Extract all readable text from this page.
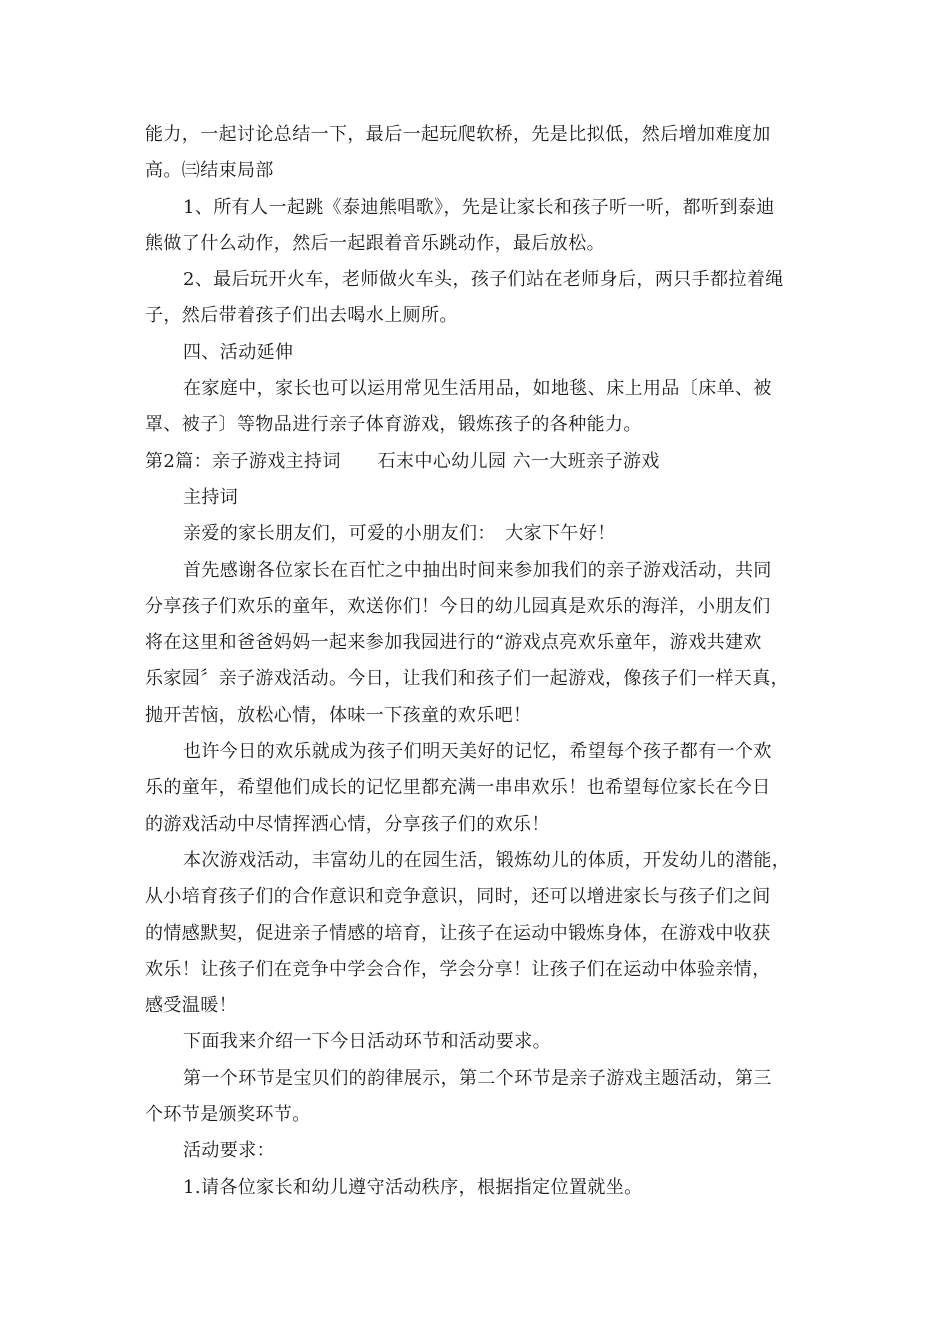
能力，一起讨论总结一下，最后一起玩爬软桥，先是比拟低，然后增加难度加
高。㈢结束局部
1、所有人一起跳《泰迪熊唱歌》，先是让家长和孩子听一听，都听到泰迪
熊做了什么动作，然后一起跟着音乐跳动作，最后放松。
2、最后玩开火车，老师做火车头，孩子们站在老师身后，两只手都拉着绳
子，然后带着孩子们出去喝水上厕所。
四、活动延伸
在家庭中，家长也可以运用常见生活用品，如地毯、床上用品〔床单、被
罩、被子〕等物品进行亲子体育游戏，锻炼孩子的各种能力。
第2篇：亲子游戏主持词　　石末中心幼儿园 六一大班亲子游戏
主持词
亲爱的家长朋友们，可爱的小朋友们：　大家下午好！
首先感谢各位家长在百忙之中抽出时间来参加我们的亲子游戏活动，共同
分享孩子们欢乐的童年，欢送你们！今日的幼儿园真是欢乐的海洋，小朋友们
将在这里和爸爸妈妈一起来参加我园进行的“游戏点亮欢乐童年，游戏共建欢
乐家园〞亲子游戏活动。今日，让我们和孩子们一起游戏，像孩子们一样天真，
抛开苦恼，放松心情，体味一下孩童的欢乐吧！
也许今日的欢乐就成为孩子们明天美好的记忆，希望每个孩子都有一个欢
乐的童年，希望他们成长的记忆里都充满一串串欢乐！也希望每位家长在今日
的游戏活动中尽情挥洒心情，分享孩子们的欢乐！
本次游戏活动，丰富幼儿的在园生活，锻炼幼儿的体质，开发幼儿的潜能，
从小培育孩子们的合作意识和竞争意识，同时，还可以增进家长与孩子们之间
的情感默契，促进亲子情感的培育，让孩子在运动中锻炼身体，在游戏中收获
欢乐！让孩子们在竞争中学会合作，学会分享！让孩子们在运动中体验亲情，
感受温暖！
下面我来介绍一下今日活动环节和活动要求。
第一个环节是宝贝们的韵律展示，第二个环节是亲子游戏主题活动，第三
个环节是颁奖环节。
活动要求：
1.请各位家长和幼儿遵守活动秩序，根据指定位置就坐。
